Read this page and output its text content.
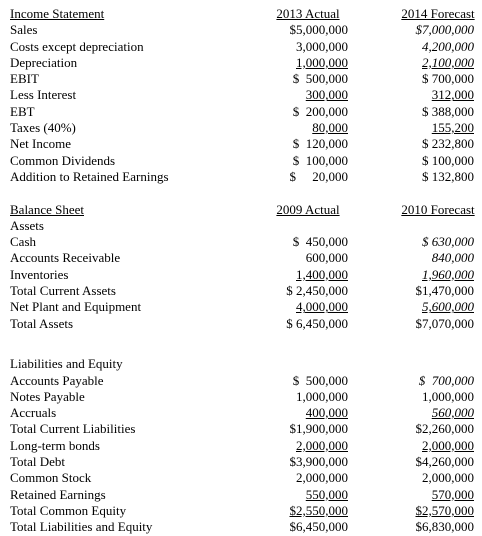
Income Statement	2013 Actual	2014 Forecast
Sales	$5,000,000	$7,000,000
Costs except depreciation	3,000,000	4,200,000
Depreciation	1,000,000	2,100,000
EBIT	$  500,000	$ 700,000
Less Interest	300,000	312,000
EBT	$  200,000	$ 388,000
Taxes (40%)	80,000	155,200
Net Income	$  120,000	$ 232,800
Common Dividends	$  100,000	$ 100,000
Addition to Retained Earnings	$     20,000	$ 132,800
Balance Sheet	2009 Actual	2010 Forecast
Assets
Cash	$  450,000	$ 630,000
Accounts Receivable	600,000	840,000
Inventories	1,400,000	1,960,000
Total Current Assets	$ 2,450,000	$1,470,000
Net Plant and Equipment	4,000,000	5,600,000
Total Assets	$ 6,450,000	$7,070,000
Liabilities and Equity
Accounts Payable	$  500,000	$  700,000
Notes Payable	1,000,000	1,000,000
Accruals	400,000	560,000
Total Current Liabilities	$1,900,000	$2,260,000
Long-term bonds	2,000,000	2,000,000
Total Debt	$3,900,000	$4,260,000
Common Stock	2,000,000	2,000,000
Retained Earnings	550,000	570,000
Total Common Equity	$2,550,000	$2,570,000
Total Liabilities and Equity	$6,450,000	$6,830,000
